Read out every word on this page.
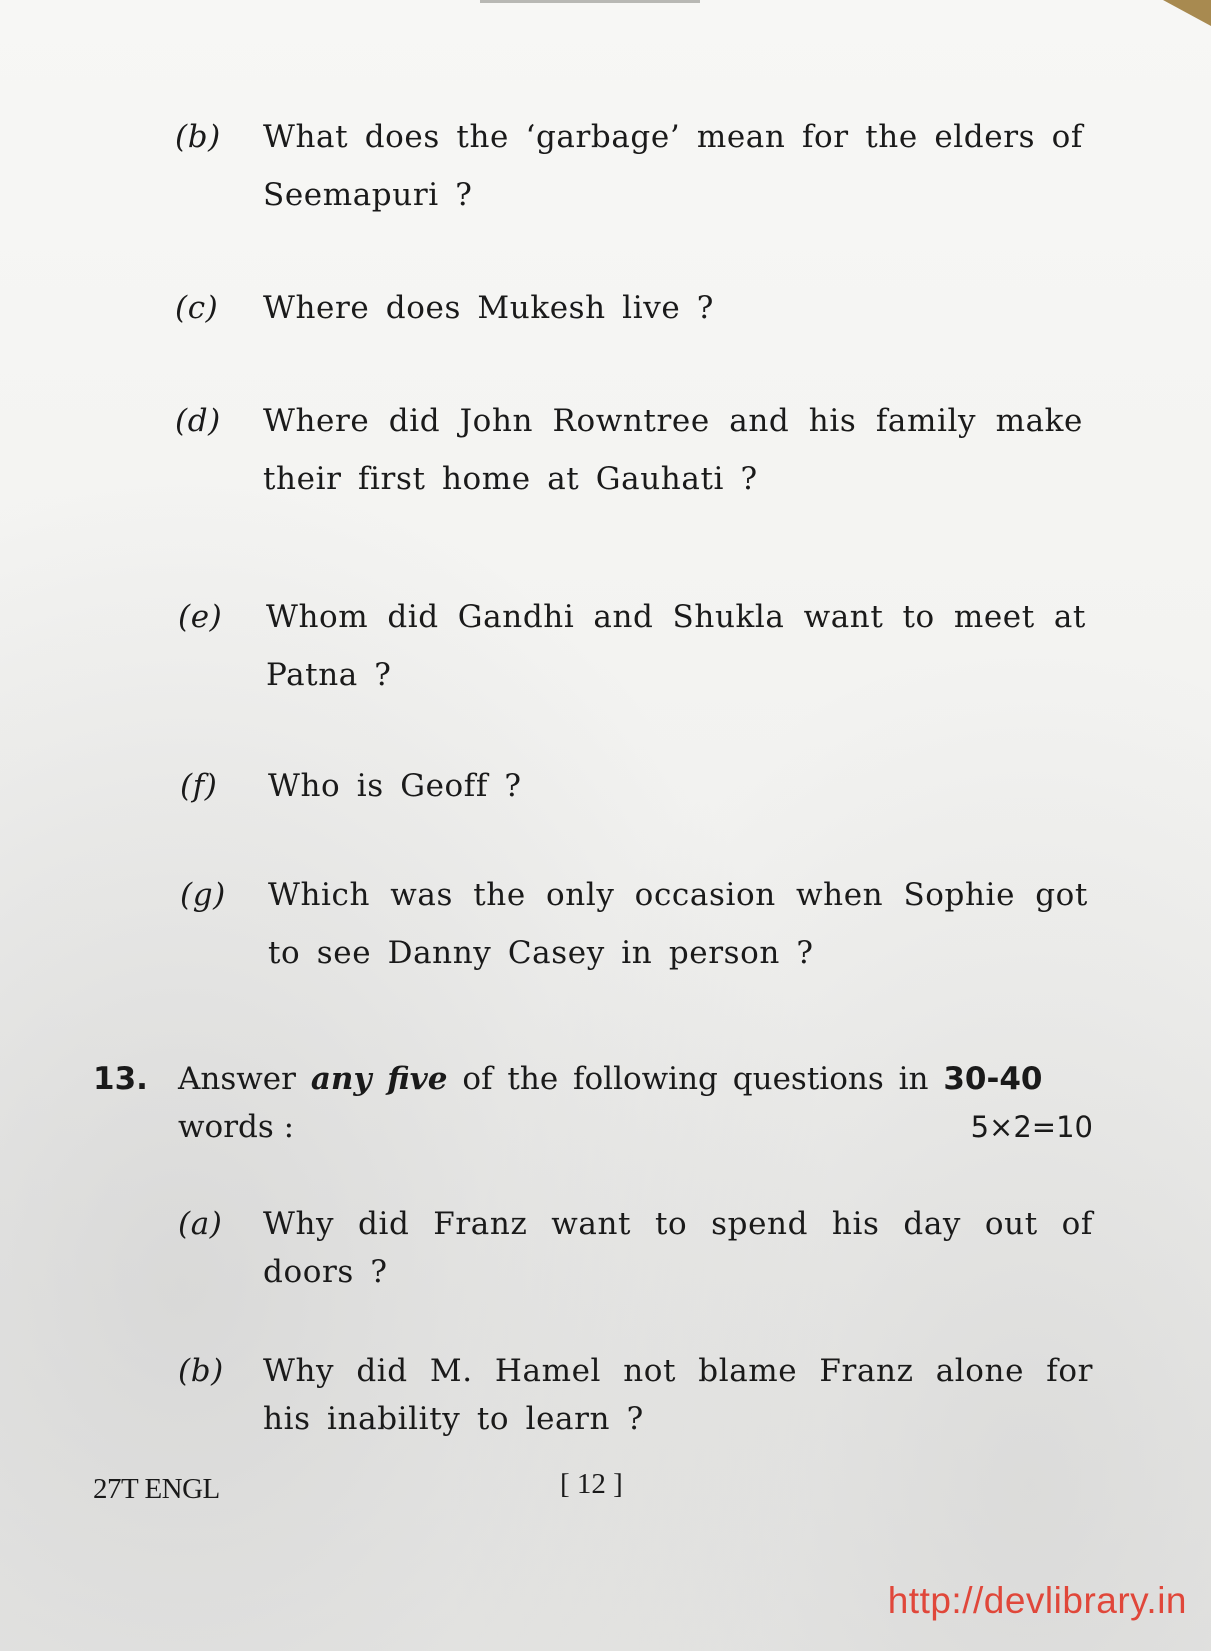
(b) What does the ‘garbage’ mean for the elders of Seemapuri ?
(c) Where does Mukesh live ?
(d) Where did John Rowntree and his family make their first home at Gauhati ?
(e) Whom did Gandhi and Shukla want to meet at Patna ?
(f) Who is Geoff ?
(g) Which was the only occasion when Sophie got to see Danny Casey in person ?
13. Answer any five of the following questions in 30-40
words :	5×2=10
(a) Why did Franz want to spend his day out of doors ?
(b) Why did M. Hamel not blame Franz alone for his inability to learn ?
27T ENGL	[ 12 ]
http://devlibrary.in
